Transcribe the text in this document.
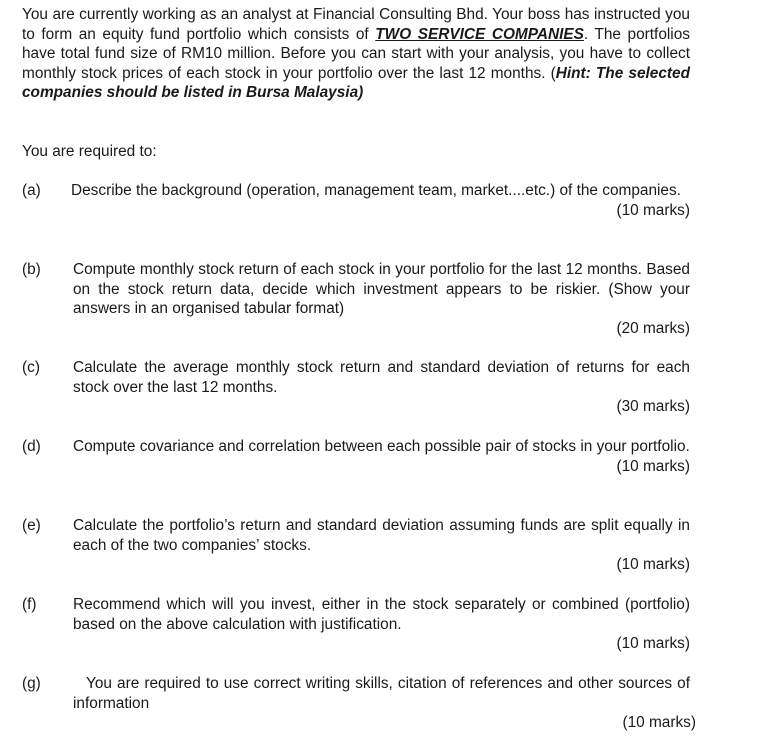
You are currently working as an analyst at Financial Consulting Bhd. Your boss has instructed you to form an equity fund portfolio which consists of TWO SERVICE COMPANIES. The portfolios have total fund size of RM10 million. Before you can start with your analysis, you have to collect monthly stock prices of each stock in your portfolio over the last 12 months. (Hint: The selected companies should be listed in Bursa Malaysia)
You are required to:
(a) Describe the background (operation, management team, market....etc.) of the companies.
(10 marks)
(b) Compute monthly stock return of each stock in your portfolio for the last 12 months. Based on the stock return data, decide which investment appears to be riskier. (Show your answers in an organised tabular format)
(20 marks)
(c) Calculate the average monthly stock return and standard deviation of returns for each stock over the last 12 months.
(30 marks)
(d) Compute covariance and correlation between each possible pair of stocks in your portfolio.
(10 marks)
(e) Calculate the portfolio’s return and standard deviation assuming funds are split equally in each of the two companies’ stocks.
(10 marks)
(f) Recommend which will you invest, either in the stock separately or combined (portfolio) based on the above calculation with justification.
(10 marks)
(g)	You are required to use correct writing skills, citation of references and other sources of information
(10 marks)
